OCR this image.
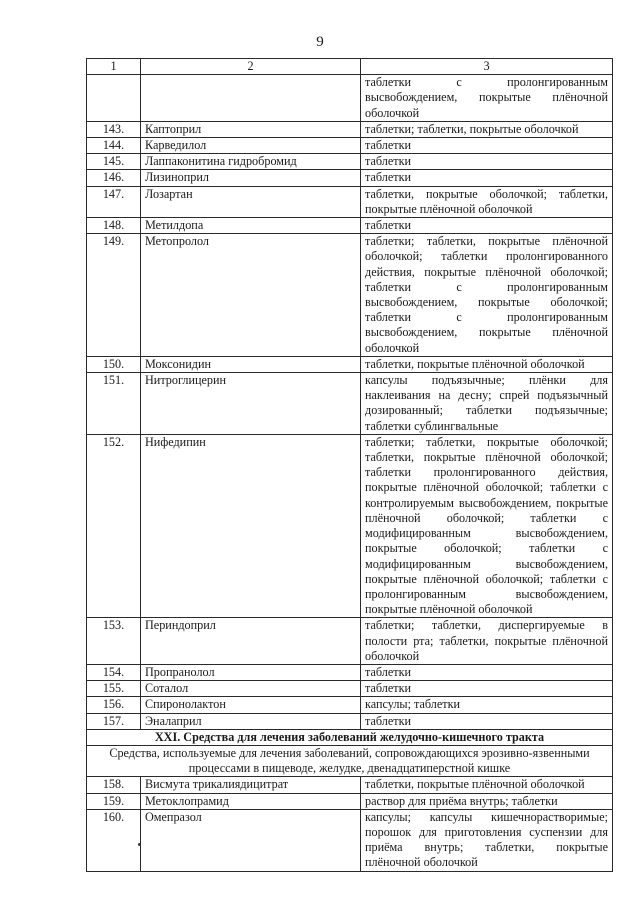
9
1	2	3
		таблетки с пролонгированным высвобождением, покрытые плёночной оболочкой
143.	Каптоприл	таблетки; таблетки, покрытые оболочкой
144.	Карведилол	таблетки
145.	Лаппаконитина гидробромид	таблетки
146.	Лизиноприл	таблетки
147.	Лозартан	таблетки, покрытые оболочкой; таблетки, покрытые плёночной оболочкой
148.	Метилдопа	таблетки
149.	Метопролол	таблетки; таблетки, покрытые плёночной оболочкой; таблетки пролонгированного действия, покрытые плёночной оболочкой; таблетки с пролонгированным высвобождением, покрытые оболочкой; таблетки с пролонгированным высвобождением, покрытые плёночной оболочкой
150.	Моксонидин	таблетки, покрытые плёночной оболочкой
151.	Нитроглицерин	капсулы подъязычные; плёнки для наклеивания на десну; спрей подъязычный дозированный; таблетки подъязычные; таблетки сублингвальные
152.	Нифедипин	таблетки; таблетки, покрытые оболочкой; таблетки, покрытые плёночной оболочкой; таблетки пролонгированного действия, покрытые плёночной оболочкой; таблетки с контролируемым высвобождением, покрытые плёночной оболочкой; таблетки с модифицированным высвобождением, покрытые оболочкой; таблетки с модифицированным высвобождением, покрытые плёночной оболочкой; таблетки с пролонгированным высвобождением, покрытые плёночной оболочкой
153.	Периндоприл	таблетки; таблетки, диспергируемые в полости рта; таблетки, покрытые плёночной оболочкой
154.	Пропранолол	таблетки
155.	Соталол	таблетки
156.	Спиронолактон	капсулы; таблетки
157.	Эналаприл	таблетки
XXI. Средства для лечения заболеваний желудочно-кишечного тракта		
Средства, используемые для лечения заболеваний, сопровождающихся эрозивно-язвенными процессами в пищеводе, желудке, двенадцатиперстной кишке		
158.	Висмута трикалиядицитрат	таблетки, покрытые плёночной оболочкой
159.	Метоклопрамид	раствор для приёма внутрь; таблетки
160.	Омепразол	капсулы; капсулы кишечнорастворимые; порошок для приготовления суспензии для приёма внутрь; таблетки, покрытые плёночной оболочкой
